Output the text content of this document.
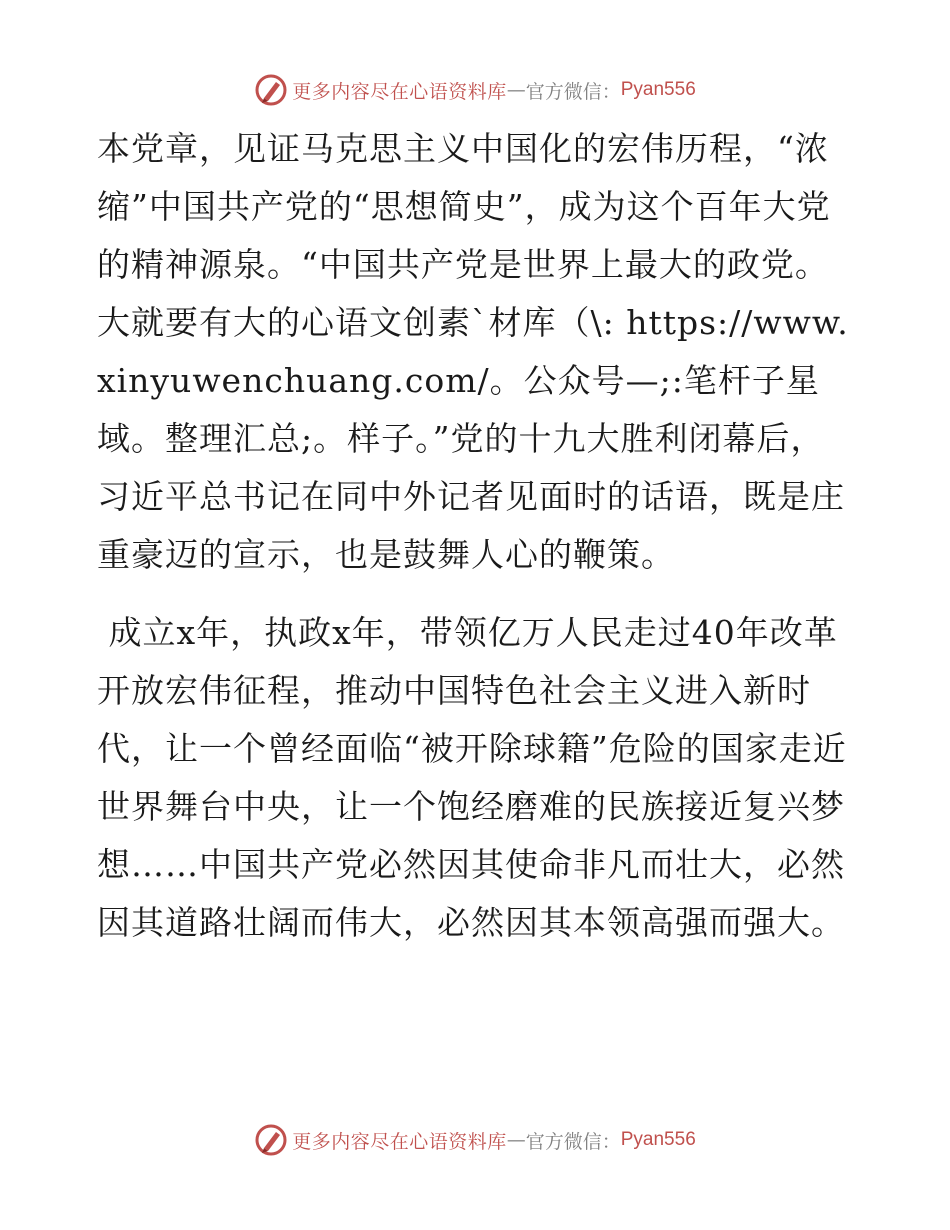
更多内容尽在心语资料库 — 官方微信： Pyan556

本党章，见证马克思主义中国化的宏伟历程，“浓缩”中国共产党的“思想简史”，成为这个百年大党的精神源泉。“中国共产党是世界上最大的政党。大就要有大的心语文创素`材库（\: https://www.xinyuwenchuang.com/。公众号—;:笔杆子星域。整理汇总;。样子。”党的十九大胜利闭幕后，习近平总书记在同中外记者见面时的话语，既是庄重豪迈的宣示，也是鼓舞人心的鞭策。

成立x年，执政x年，带领亿万人民走过40年改革开放宏伟征程，推动中国特色社会主义进入新时代，让一个曾经面临“被开除球籍”危险的国家走近世界舞台中央，让一个饱经磨难的民族接近复兴梦想……中国共产党必然因其使命非凡而壮大，必然因其道路壮阔而伟大，必然因其本领高强而强大。

更多内容尽在心语资料库 — 官方微信： Pyan556
